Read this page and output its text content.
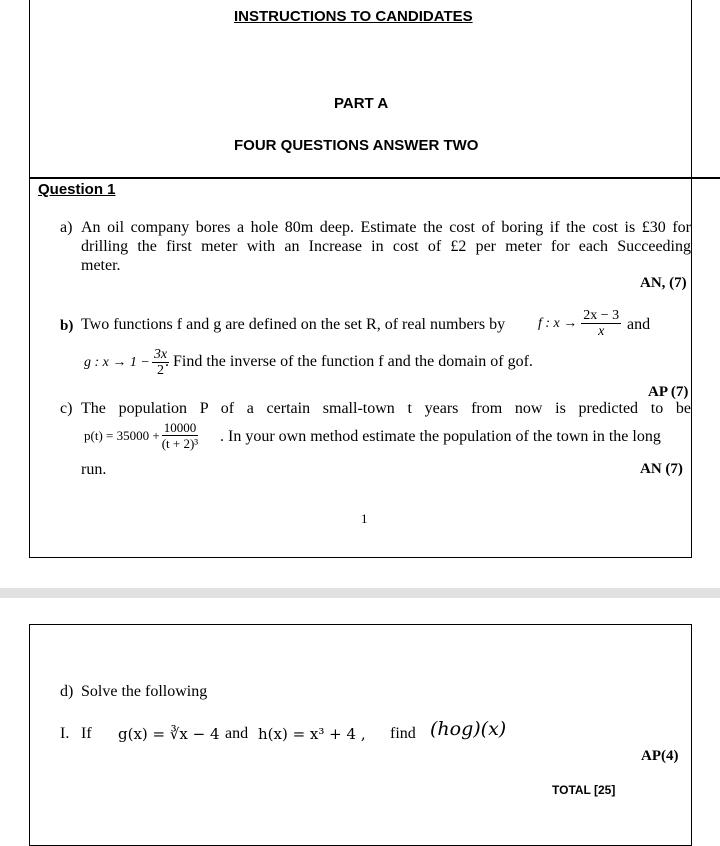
INSTRUCTIONS TO CANDIDATES
PART A
FOUR QUESTIONS ANSWER TWO
Question 1
a) An oil company bores a hole 80m deep. Estimate the cost of boring if the cost is £30 for
drilling the first meter with an Increase in cost of £2 per meter for each Succeeding
meter.
AN, (7)
b) Two functions f and g are defined on the set R, of real numbers by f : $x \to \frac{2x - 3}{x}$ and
g : $x \to 1 - \frac{3x}{2}$
. Find the inverse of the function f and the domain of gof.
AP (7)
c) The population P of a certain small-town t years from now is predicted to be
$p(t) = 35000 + \frac{10000}{\text{(t + 2)³}}$ . In your own method estimate the population of the town in the long
run.	AN (7)
1
d) Solve the following
I. If g(x) = ∛x − 4 and h(x) = x³ + 4 , find (hog)(x)
AP(4)
TOTAL [25]
